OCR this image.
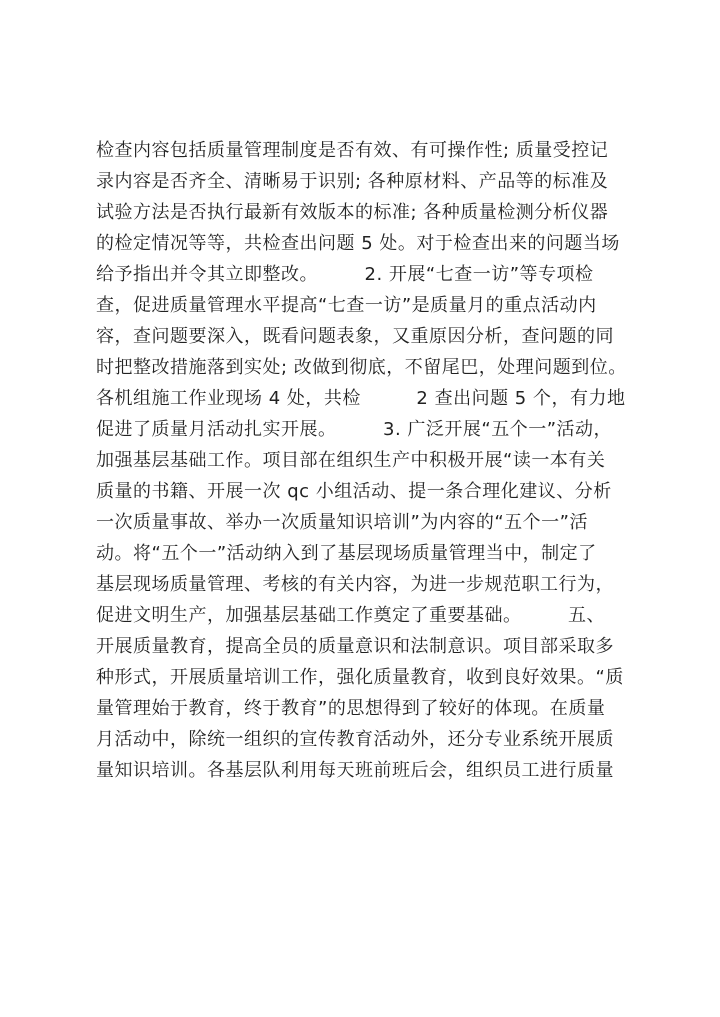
检查内容包括质量管理制度是否有效、有可操作性; 质量受控记
录内容是否齐全、清晰易于识别; 各种原材料、产品等的标准及
试验方法是否执行最新有效版本的标准; 各种质量检测分析仪器
的检定情况等等，共检查出问题 5 处。对于检查出来的问题当场
给予指出并令其立即整改。　　　2. 开展“七查一访”等专项检
查，促进质量管理水平提高“七查一访”是质量月的重点活动内
容，查问题要深入，既看问题表象，又重原因分析，查问题的同
时把整改措施落到实处; 改做到彻底，不留尾巴，处理问题到位。
各机组施工作业现场 4 处，共检　　　2 查出问题 5 个，有力地
促进了质量月活动扎实开展。　　　3. 广泛开展“五个一”活动，
加强基层基础工作。项目部在组织生产中积极开展“读一本有关
质量的书籍、开展一次 qc 小组活动、提一条合理化建议、分析
一次质量事故、举办一次质量知识培训”为内容的“五个一”活
动。将“五个一”活动纳入到了基层现场质量管理当中，制定了
基层现场质量管理、考核的有关内容，为进一步规范职工行为，
促进文明生产，加强基层基础工作奠定了重要基础。　　　五、
开展质量教育，提高全员的质量意识和法制意识。项目部采取多
种形式，开展质量培训工作，强化质量教育，收到良好效果。“质
量管理始于教育，终于教育”的思想得到了较好的体现。在质量
月活动中，除统一组织的宣传教育活动外，还分专业系统开展质
量知识培训。各基层队利用每天班前班后会，组织员工进行质量
